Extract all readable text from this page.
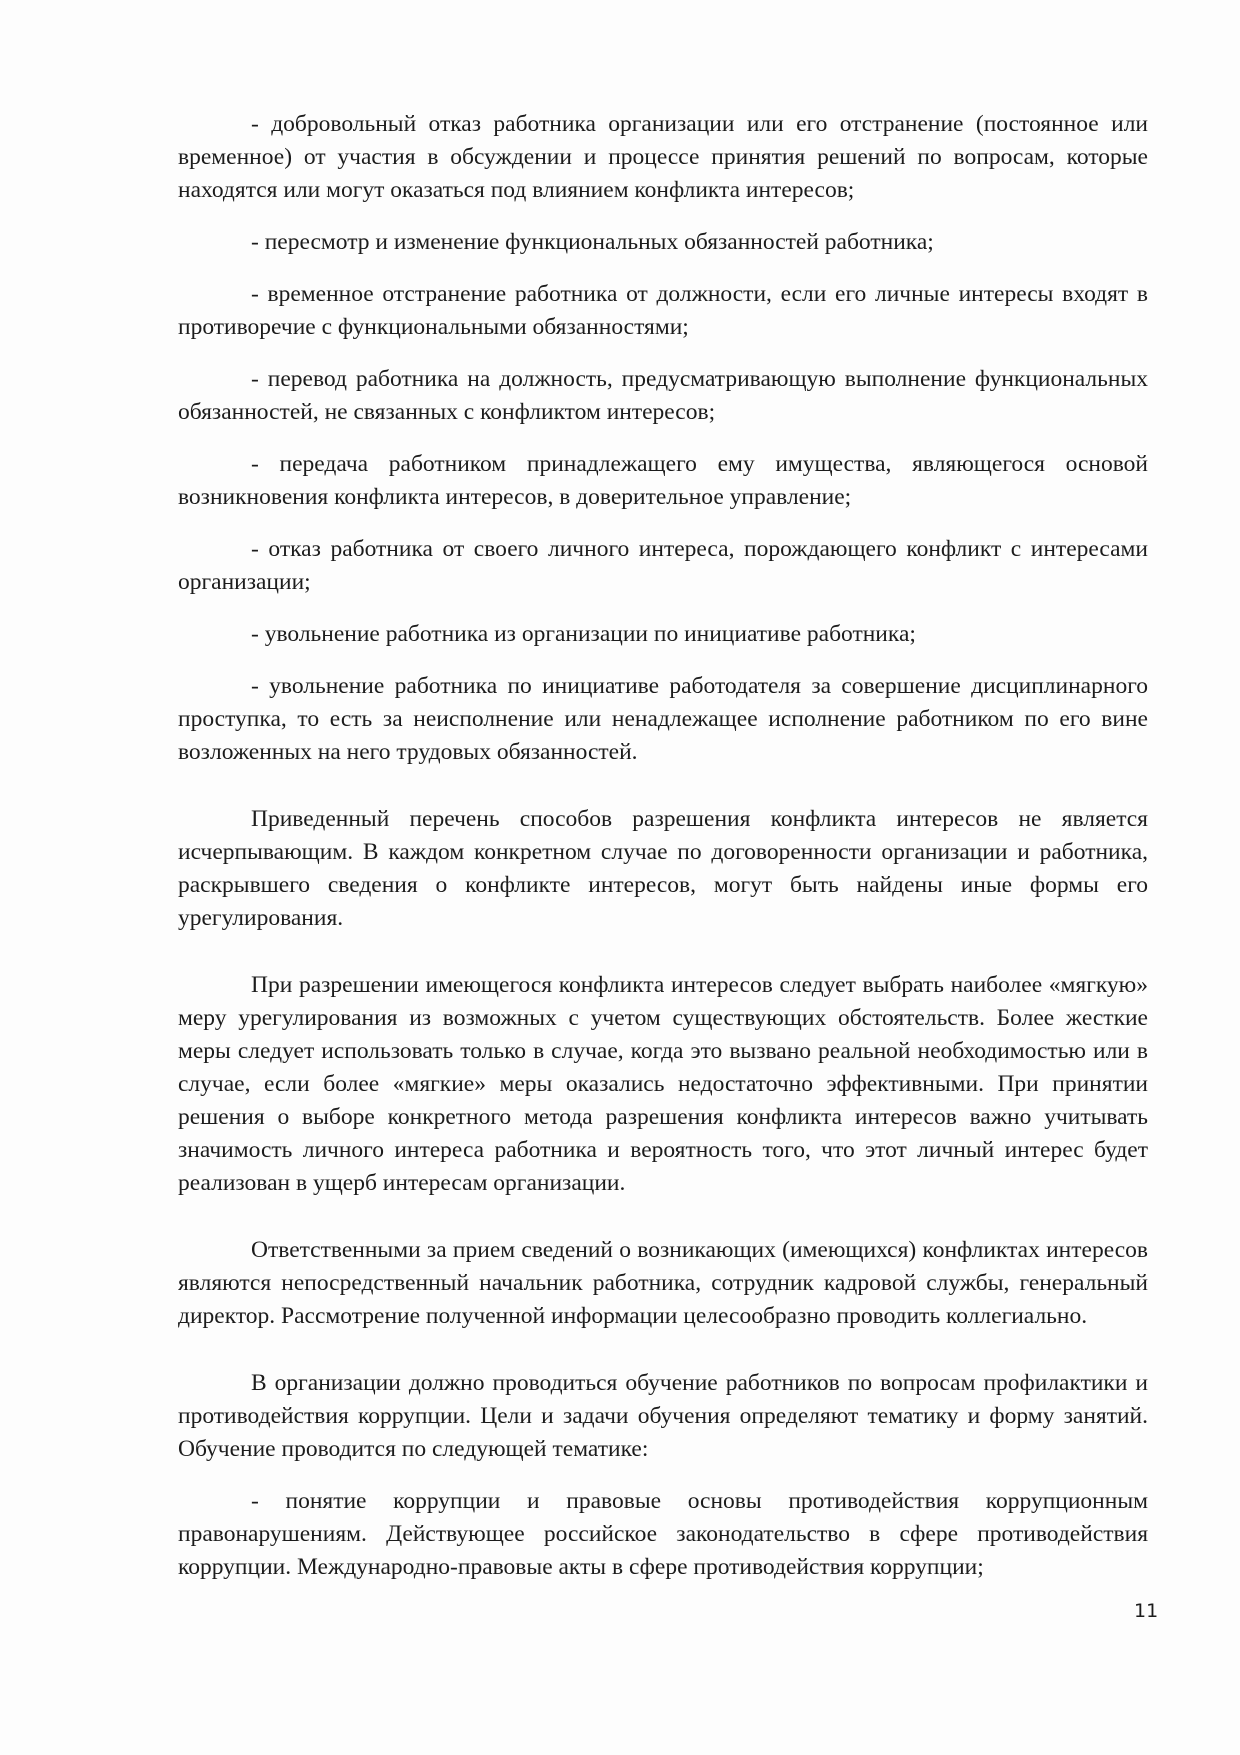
- добровольный отказ работника организации или его отстранение (постоянное или временное) от участия в обсуждении и процессе принятия решений по вопросам, которые находятся или могут оказаться под влиянием конфликта интересов;

- пересмотр и изменение функциональных обязанностей работника;

- временное отстранение работника от должности, если его личные интересы входят в противоречие с функциональными обязанностями;

- перевод работника на должность, предусматривающую выполнение функциональных обязанностей, не связанных с конфликтом интересов;

- передача работником принадлежащего ему имущества, являющегося основой возникновения конфликта интересов, в доверительное управление;

- отказ работника от своего личного интереса, порождающего конфликт с интересами организации;

- увольнение работника из организации по инициативе работника;

- увольнение работника по инициативе работодателя за совершение дисциплинарного проступка, то есть за неисполнение или ненадлежащее исполнение работником по его вине возложенных на него трудовых обязанностей.

Приведенный перечень способов разрешения конфликта интересов не является исчерпывающим. В каждом конкретном случае по договоренности организации и работника, раскрывшего сведения о конфликте интересов, могут быть найдены иные формы его урегулирования.

При разрешении имеющегося конфликта интересов следует выбрать наиболее «мягкую» меру урегулирования из возможных с учетом существующих обстоятельств. Более жесткие меры следует использовать только в случае, когда это вызвано реальной необходимостью или в случае, если более «мягкие» меры оказались недостаточно эффективными. При принятии решения о выборе конкретного метода разрешения конфликта интересов важно учитывать значимость личного интереса работника и вероятность того, что этот личный интерес будет реализован в ущерб интересам организации.

Ответственными за прием сведений о возникающих (имеющихся) конфликтах интересов являются непосредственный начальник работника, сотрудник кадровой службы, генеральный директор. Рассмотрение полученной информации целесообразно проводить коллегиально.

В организации должно проводиться обучение работников по вопросам профилактики и противодействия коррупции. Цели и задачи обучения определяют тематику и форму занятий. Обучение проводится по следующей тематике:

- понятие коррупции и правовые основы противодействия коррупционным правонарушениям. Действующее российское законодательство в сфере противодействия коррупции. Международно-правовые акты в сфере противодействия коррупции;

11
